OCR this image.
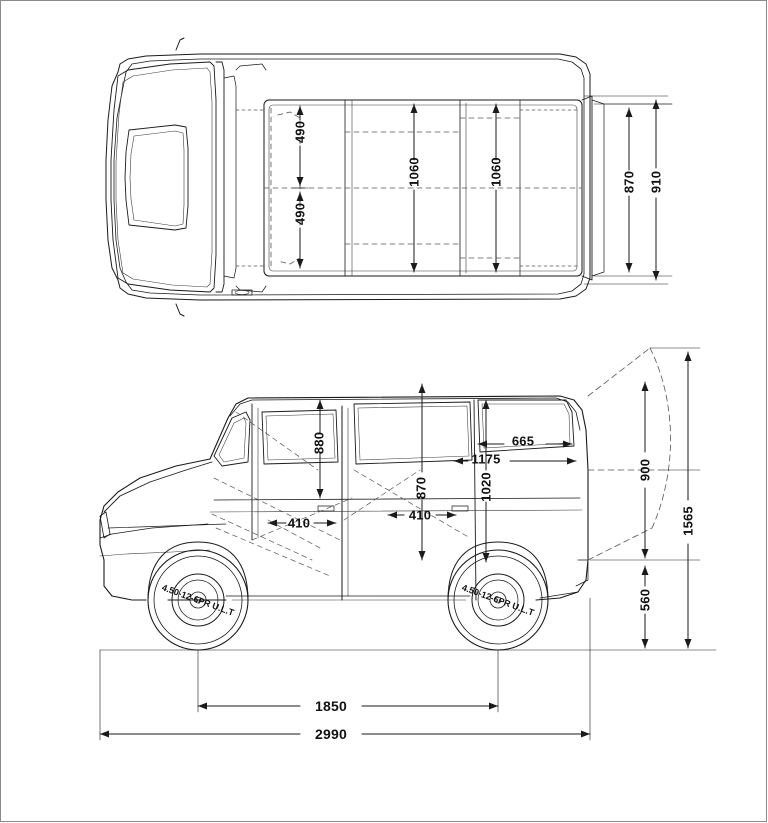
490
490
1060	1060	870 910
880	665
1175
870	1020
900
1565
560
410
410
1850
2990
4.50-12-6PR U.L.T	4.50-12-6PR U.L.T
